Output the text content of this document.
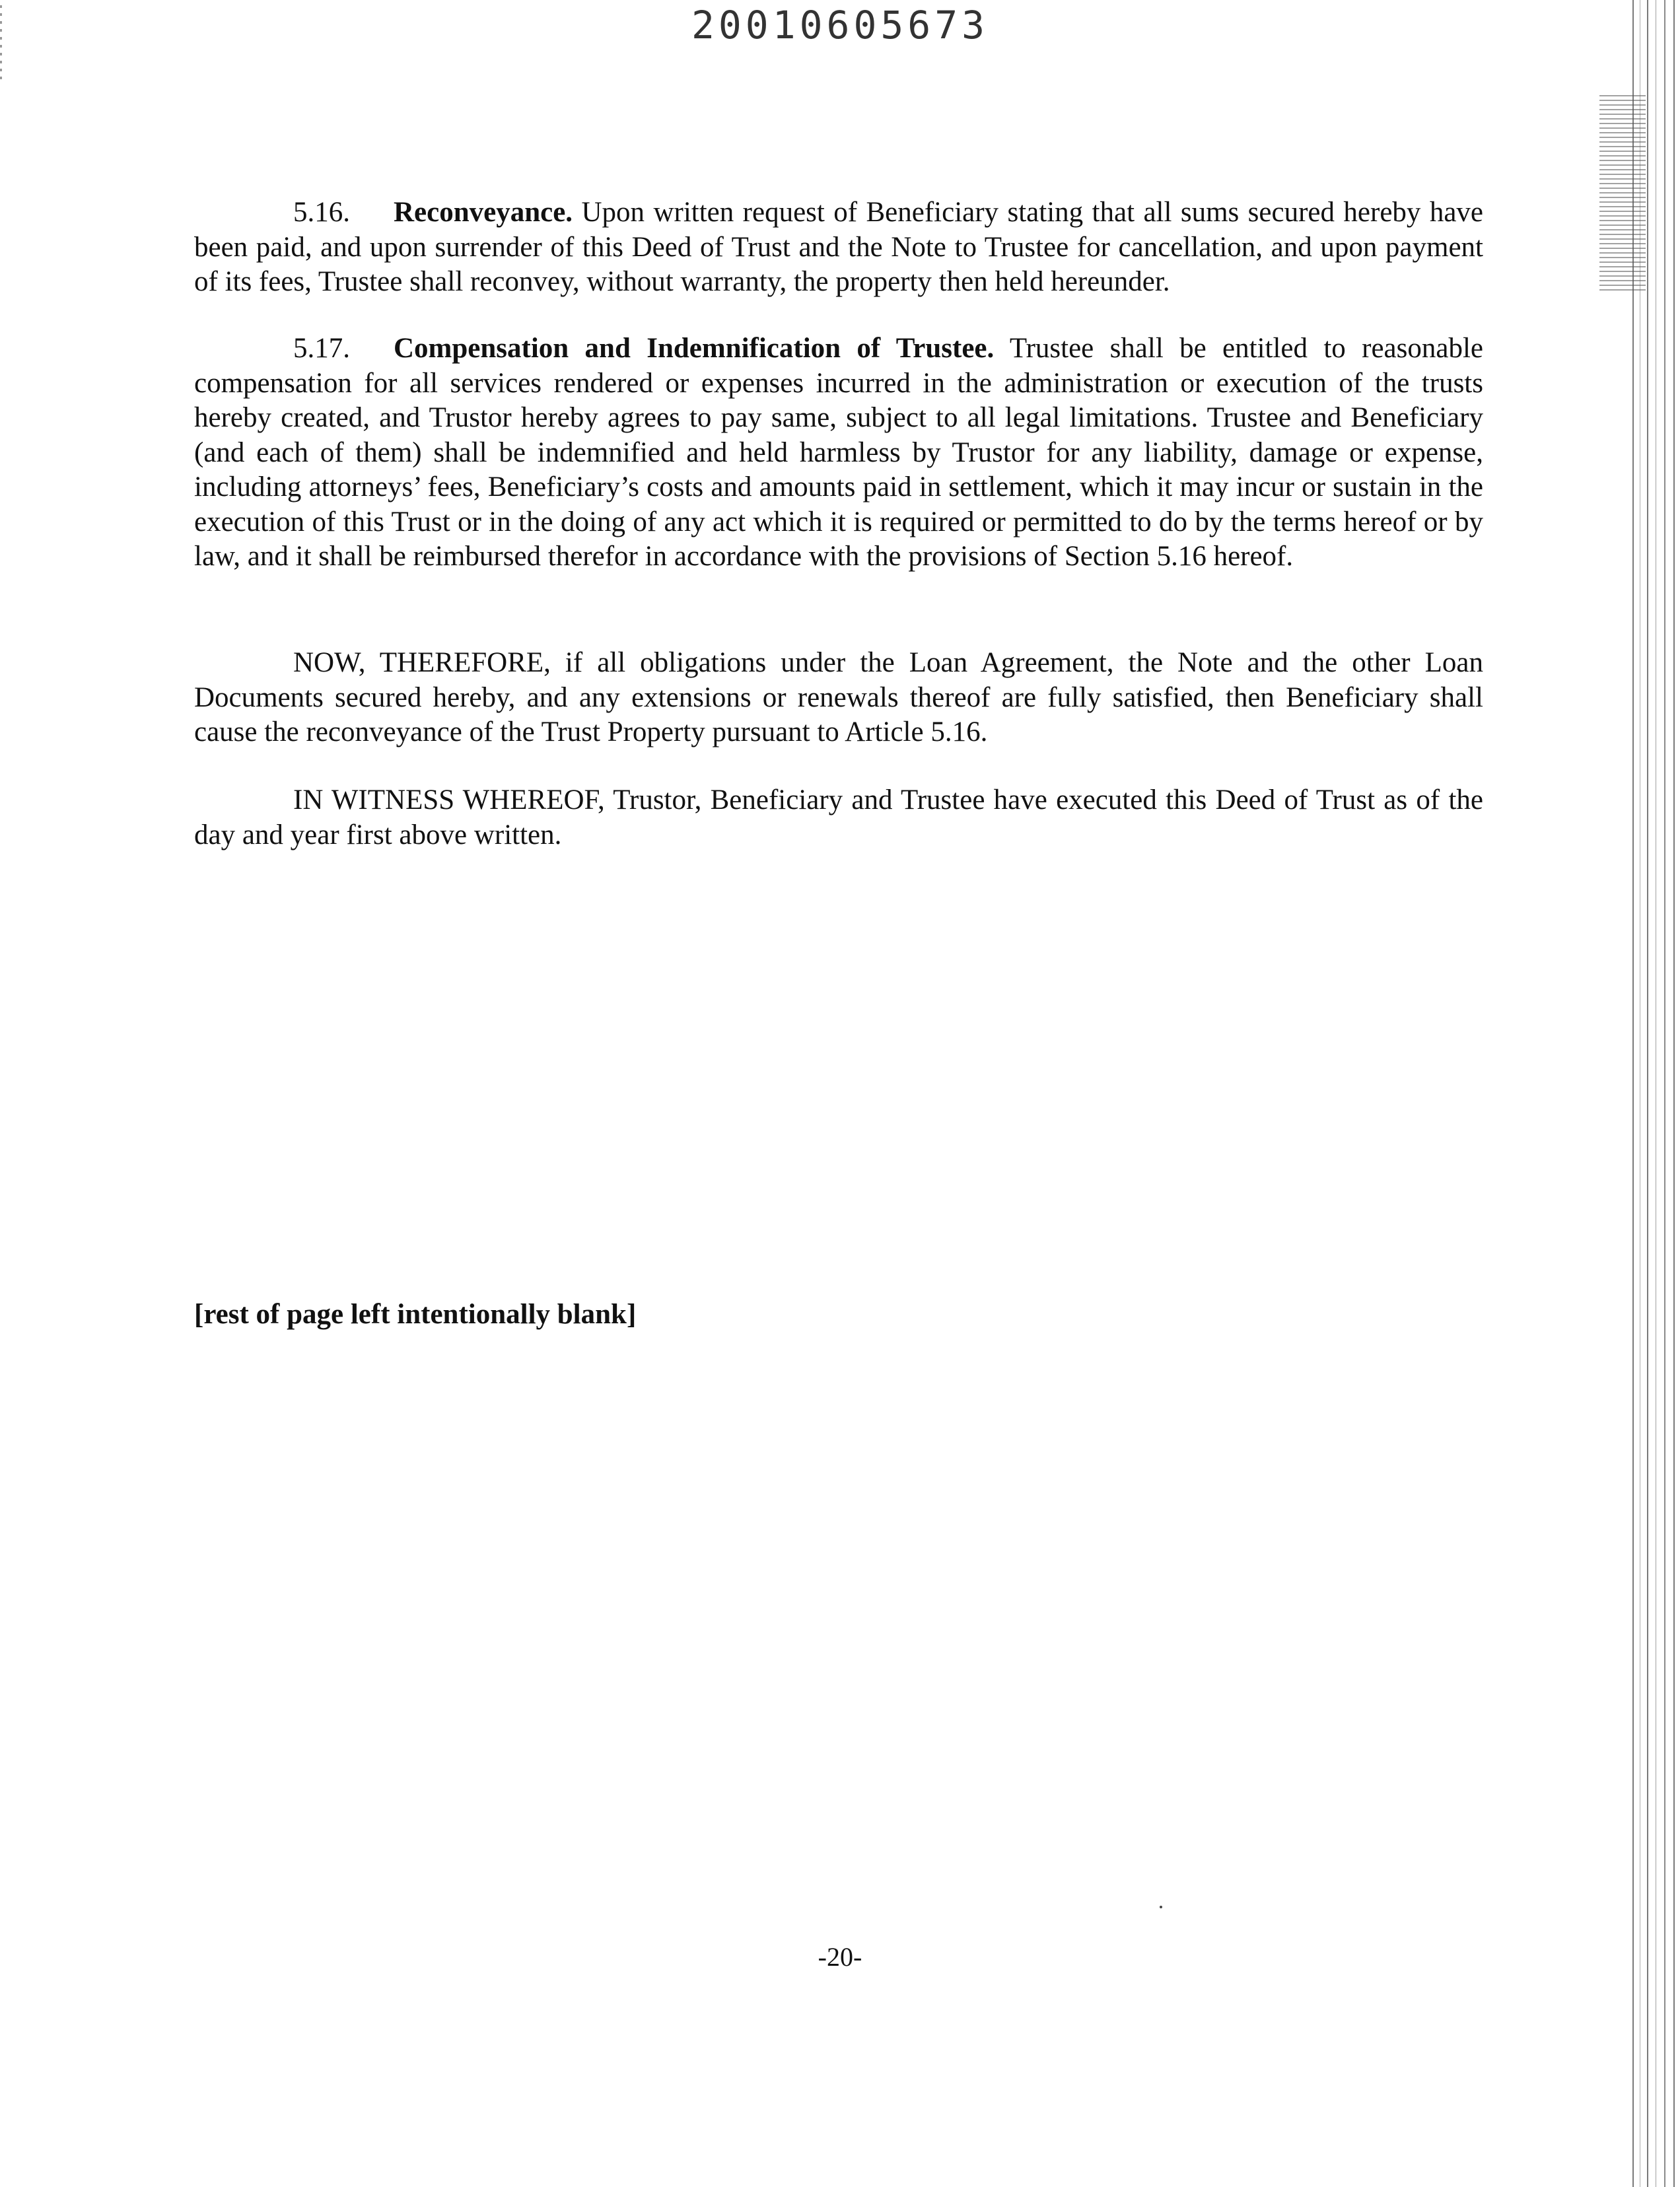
20010605673
5.16. Reconveyance. Upon written request of Beneficiary stating that all sums secured hereby have been paid, and upon surrender of this Deed of Trust and the Note to Trustee for cancellation, and upon payment of its fees, Trustee shall reconvey, without warranty, the property then held hereunder.
5.17. Compensation and Indemnification of Trustee. Trustee shall be entitled to reasonable compensation for all services rendered or expenses incurred in the administration or execution of the trusts hereby created, and Trustor hereby agrees to pay same, subject to all legal limitations. Trustee and Beneficiary (and each of them) shall be indemnified and held harmless by Trustor for any liability, damage or expense, including attorneys’ fees, Beneficiary’s costs and amounts paid in settlement, which it may incur or sustain in the execution of this Trust or in the doing of any act which it is required or permitted to do by the terms hereof or by law, and it shall be reimbursed therefor in accordance with the provisions of Section 5.16 hereof.
NOW, THEREFORE, if all obligations under the Loan Agreement, the Note and the other Loan Documents secured hereby, and any extensions or renewals thereof are fully satisfied, then Beneficiary shall cause the reconveyance of the Trust Property pursuant to Article 5.16.
IN WITNESS WHEREOF, Trustor, Beneficiary and Trustee have executed this Deed of Trust as of the day and year first above written.
[rest of page left intentionally blank]
-20-
